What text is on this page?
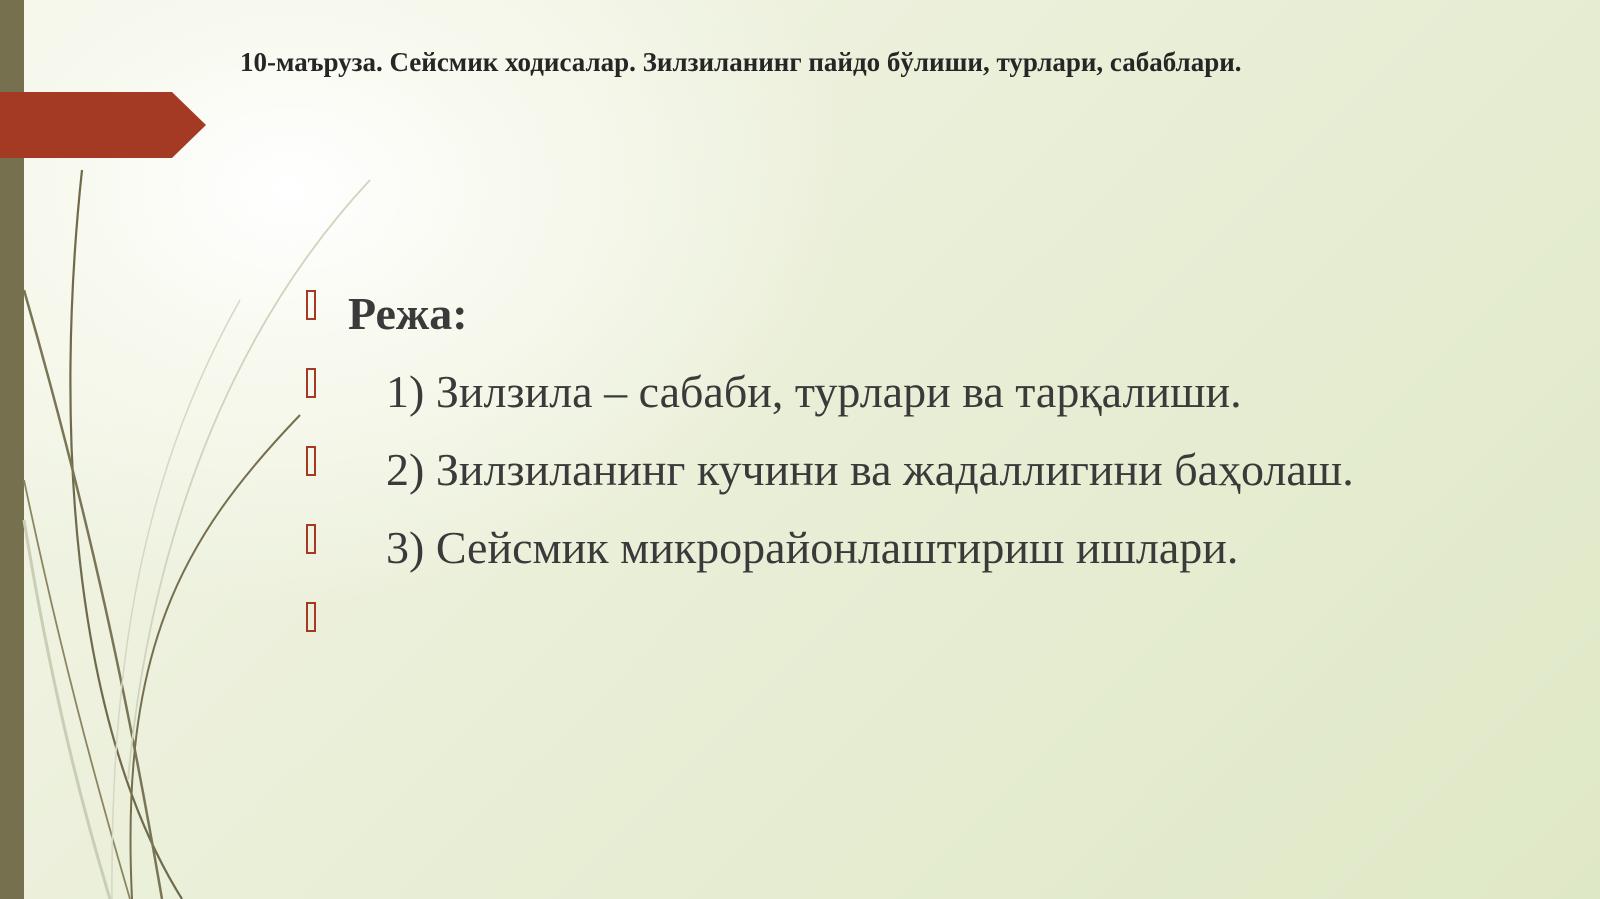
10-маъруза. Сейсмик ходисалар. Зилзиланинг пайдо бўлиши, турлари, сабаблари.
Режа:
1) Зилзила – сабаби, турлари ва тарқалиши.
2) Зилзиланинг кучини ва жадаллигини баҳолаш.
3) Сейсмик микрорайонлаштириш ишлари.
